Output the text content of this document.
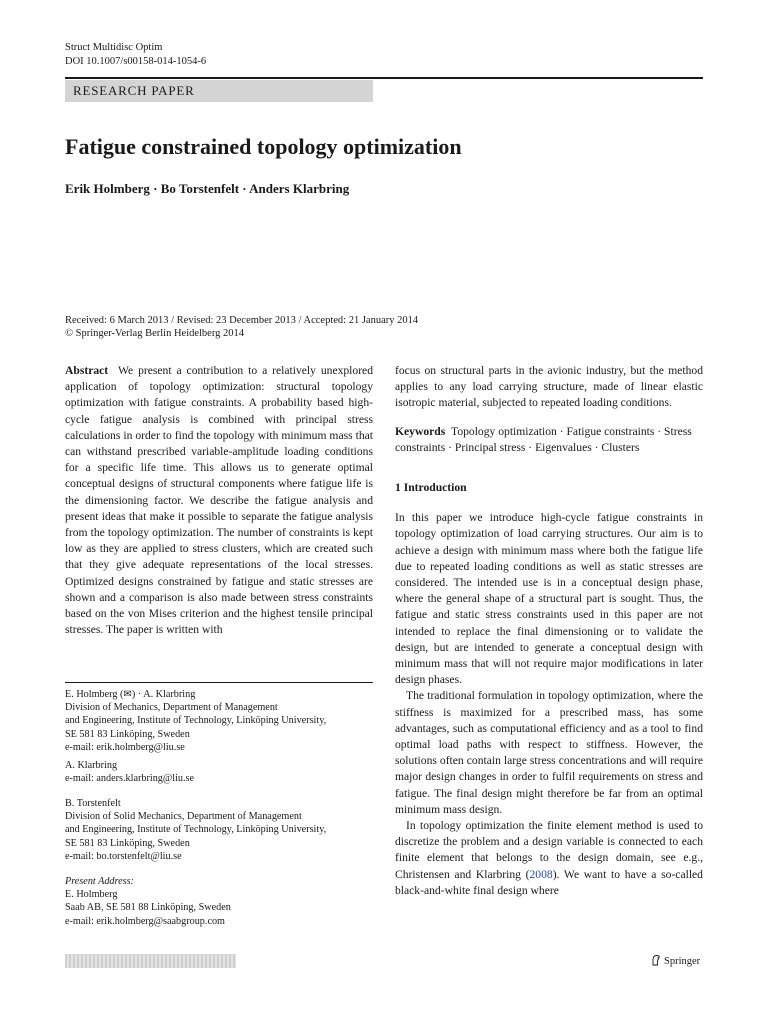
Struct Multidisc Optim
DOI 10.1007/s00158-014-1054-6
RESEARCH PAPER
Fatigue constrained topology optimization
Erik Holmberg · Bo Torstenfelt · Anders Klarbring
Received: 6 March 2013 / Revised: 23 December 2013 / Accepted: 21 January 2014
© Springer-Verlag Berlin Heidelberg 2014

Abstract We present a contribution to a relatively unexplored application of topology optimization: structural topology optimization with fatigue constraints. A probability based high-cycle fatigue analysis is combined with principal stress calculations in order to find the topology with minimum mass that can withstand prescribed variable-amplitude loading conditions for a specific life time. This allows us to generate optimal conceptual designs of structural components where fatigue life is the dimensioning factor. We describe the fatigue analysis and present ideas that make it possible to separate the fatigue analysis from the topology optimization. The number of constraints is kept low as they are applied to stress clusters, which are created such that they give adequate representations of the local stresses. Optimized designs constrained by fatigue and static stresses are shown and a comparison is also made between stress constraints based on the von Mises criterion and the highest tensile principal stresses. The paper is written with

E. Holmberg (✉) · A. Klarbring
Division of Mechanics, Department of Management
and Engineering, Institute of Technology, Linköping University,
SE 581 83 Linköping, Sweden
e-mail: erik.holmberg@liu.se
A. Klarbring
e-mail: anders.klarbring@liu.se
B. Torstenfelt
Division of Solid Mechanics, Department of Management
and Engineering, Institute of Technology, Linköping University,
SE 581 83 Linköping, Sweden
e-mail: bo.torstenfelt@liu.se
Present Address:
E. Holmberg
Saab AB, SE 581 88 Linköping, Sweden
e-mail: erik.holmberg@saabgroup.com

focus on structural parts in the avionic industry, but the method applies to any load carrying structure, made of linear elastic isotropic material, subjected to repeated loading conditions.

Keywords Topology optimization · Fatigue constraints · Stress constraints · Principal stress · Eigenvalues · Clusters

1 Introduction

In this paper we introduce high-cycle fatigue constraints in topology optimization of load carrying structures. Our aim is to achieve a design with minimum mass where both the fatigue life due to repeated loading conditions as well as static stresses are considered. The intended use is in a conceptual design phase, where the general shape of a structural part is sought. Thus, the fatigue and static stress constraints used in this paper are not intended to replace the final dimensioning or to validate the design, but are intended to generate a conceptual design with minimum mass that will not require major modifications in later design phases.

The traditional formulation in topology optimization, where the stiffness is maximized for a prescribed mass, has some advantages, such as computational efficiency and as a tool to find optimal load paths with respect to stiffness. However, the solutions often contain large stress concentrations and will require major design changes in order to fulfil requirements on stress and fatigue. The final design might therefore be far from an optimal minimum mass design.

In topology optimization the finite element method is used to discretize the problem and a design variable is connected to each finite element that belongs to the design domain, see e.g., Christensen and Klarbring (2008). We want to have a so-called black-and-white final design where

Springer
